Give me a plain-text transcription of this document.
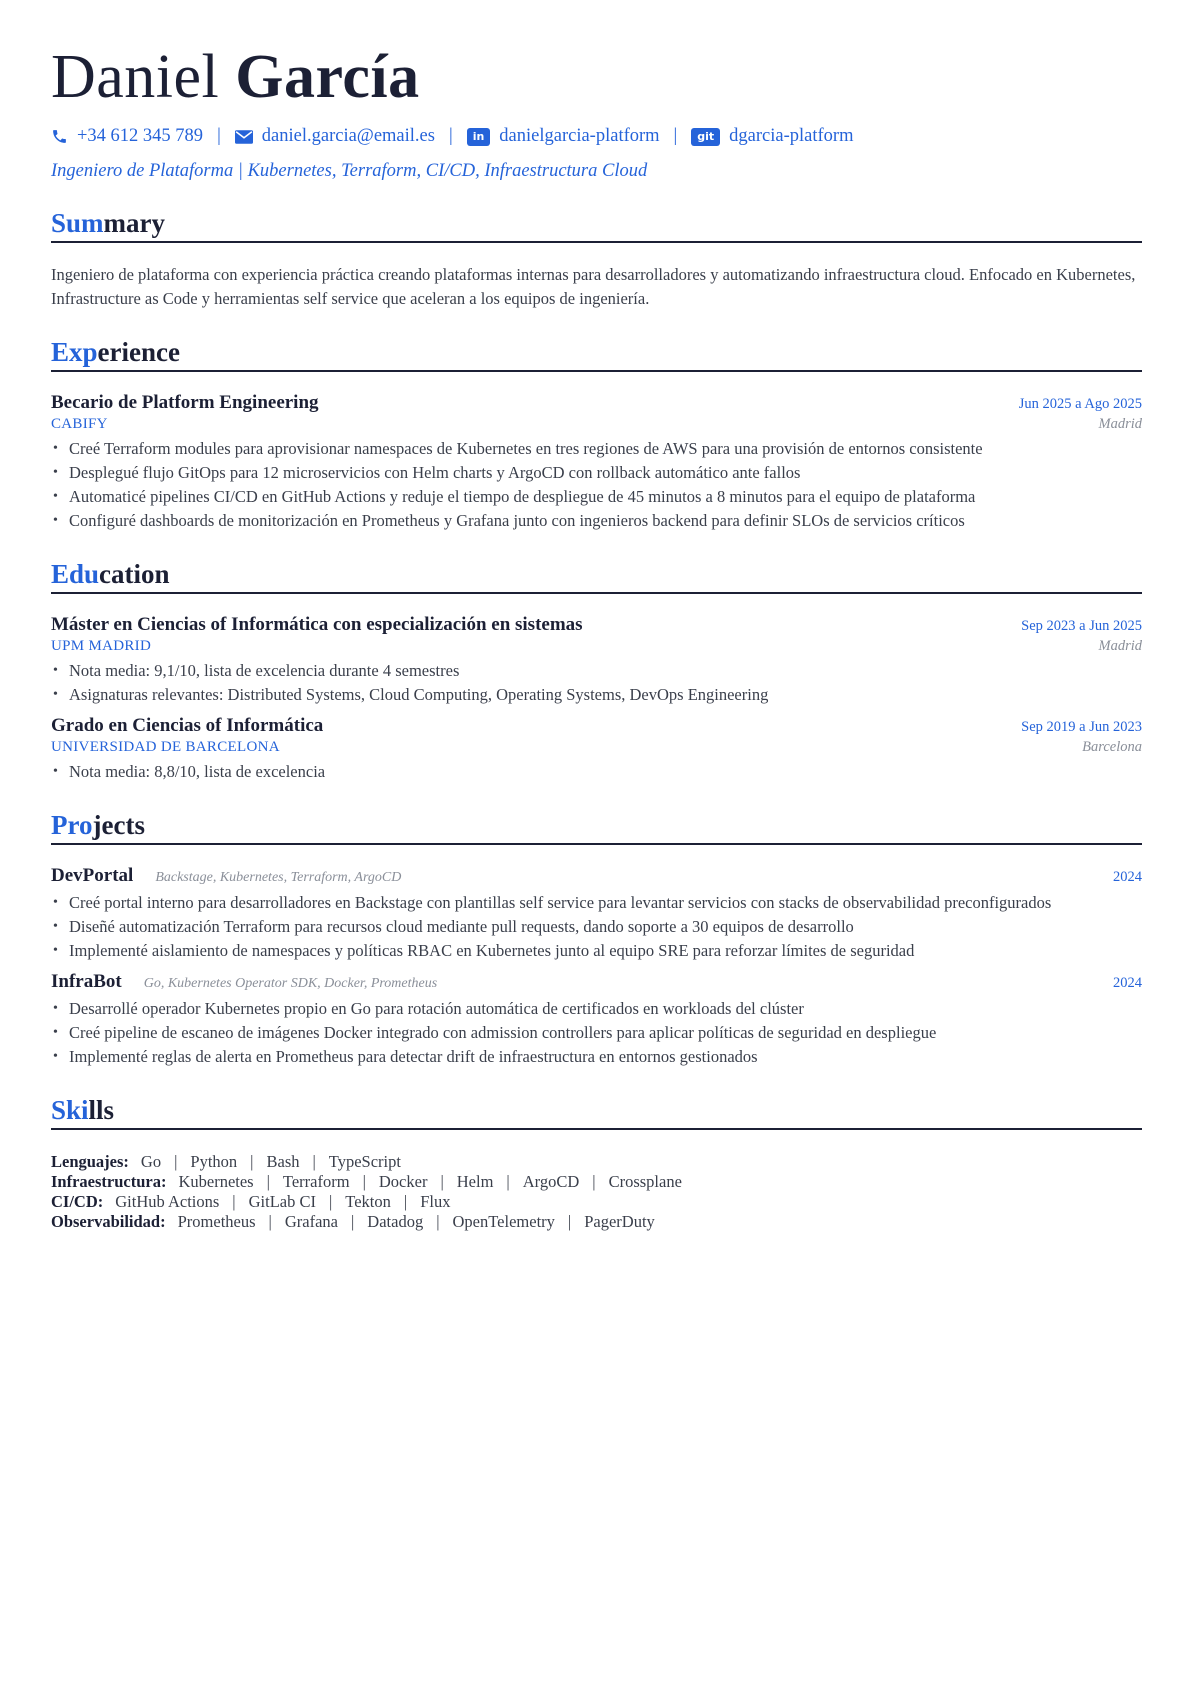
Daniel García
+34 612 345 789 | daniel.garcia@email.es |	in danielgarcia-platform |	git dgarcia-platform
Ingeniero de Plataforma | Kubernetes, Terraform, CI/CD, Infraestructura Cloud
Summary
Ingeniero de plataforma con experiencia práctica creando plataformas internas para desarrolladores y automatizando infraestructura cloud. Enfocado en Kubernetes, Infrastructure as Code y herramientas self service que aceleran a los equipos de ingeniería.
Experience
Becario de Platform Engineering	Jun 2025 a Ago 2025
CABIFY	Madrid
• Creé Terraform modules para aprovisionar namespaces de Kubernetes en tres regiones de AWS para una provisión de entornos consistente
• Desplegué flujo GitOps para 12 microservicios con Helm charts y ArgoCD con rollback automático ante fallos
• Automaticé pipelines CI/CD en GitHub Actions y reduje el tiempo de despliegue de 45 minutos a 8 minutos para el equipo de plataforma
• Configuré dashboards de monitorización en Prometheus y Grafana junto con ingenieros backend para definir SLOs de servicios críticos
Education
Máster en Ciencias of Informática con especialización en sistemas	Sep 2023 a Jun 2025
UPM MADRID	Madrid
• Nota media: 9,1/10, lista de excelencia durante 4 semestres
• Asignaturas relevantes: Distributed Systems, Cloud Computing, Operating Systems, DevOps Engineering
Grado en Ciencias of Informática	Sep 2019 a Jun 2023
UNIVERSIDAD DE BARCELONA	Barcelona
• Nota media: 8,8/10, lista de excelencia
Projects
DevPortal Backstage, Kubernetes, Terraform, ArgoCD	2024
• Creé portal interno para desarrolladores en Backstage con plantillas self service para levantar servicios con stacks de observabilidad preconfigurados
• Diseñé automatización Terraform para recursos cloud mediante pull requests, dando soporte a 30 equipos de desarrollo
• Implementé aislamiento de namespaces y políticas RBAC en Kubernetes junto al equipo SRE para reforzar límites de seguridad
InfraBot Go, Kubernetes Operator SDK, Docker, Prometheus	2024
• Desarrollé operador Kubernetes propio en Go para rotación automática de certificados en workloads del clúster
• Creé pipeline de escaneo de imágenes Docker integrado con admission controllers para aplicar políticas de seguridad en despliegue
• Implementé reglas de alerta en Prometheus para detectar drift de infraestructura en entornos gestionados
Skills
Lenguajes: Go | Python | Bash | TypeScript
Infraestructura: Kubernetes | Terraform | Docker | Helm | ArgoCD | Crossplane
CI/CD: GitHub Actions | GitLab CI | Tekton | Flux
Observabilidad: Prometheus | Grafana | Datadog | OpenTelemetry | PagerDuty
